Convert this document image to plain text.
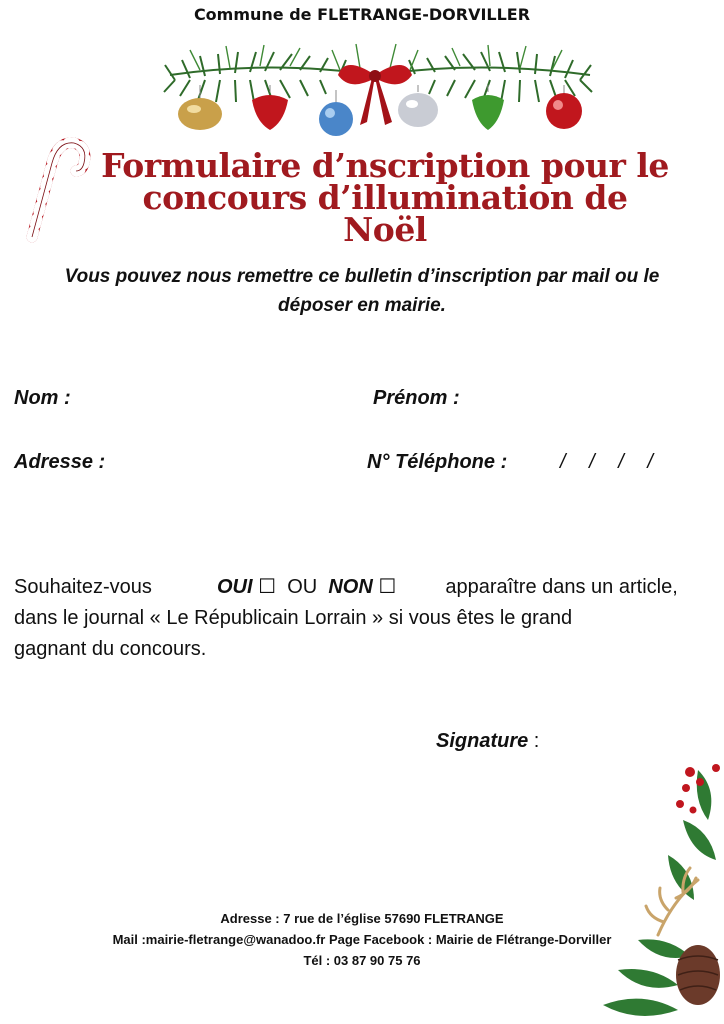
Commune de FLETRANGE-DORVILLER
Formulaire d’nscription pour le
concours d’illumination de Noël
Vous pouvez nous remettre ce bulletin d’inscription par mail ou le
déposer en mairie.
Nom :	Prénom :
Adresse :	N° Téléphone :	/ / / /
Souhaitez-vous	OUI ☐ OU NON ☐ apparaître dans un article,
dans le journal « Le Républicain Lorrain » si vous êtes le grand
gagnant du concours.
Signature :
Adresse : 7 rue de l’église 57690 FLETRANGE
Mail :mairie-fletrange@wanadoo.fr Page Facebook : Mairie de Flétrange-Dorviller
Tél : 03 87 90 75 76
